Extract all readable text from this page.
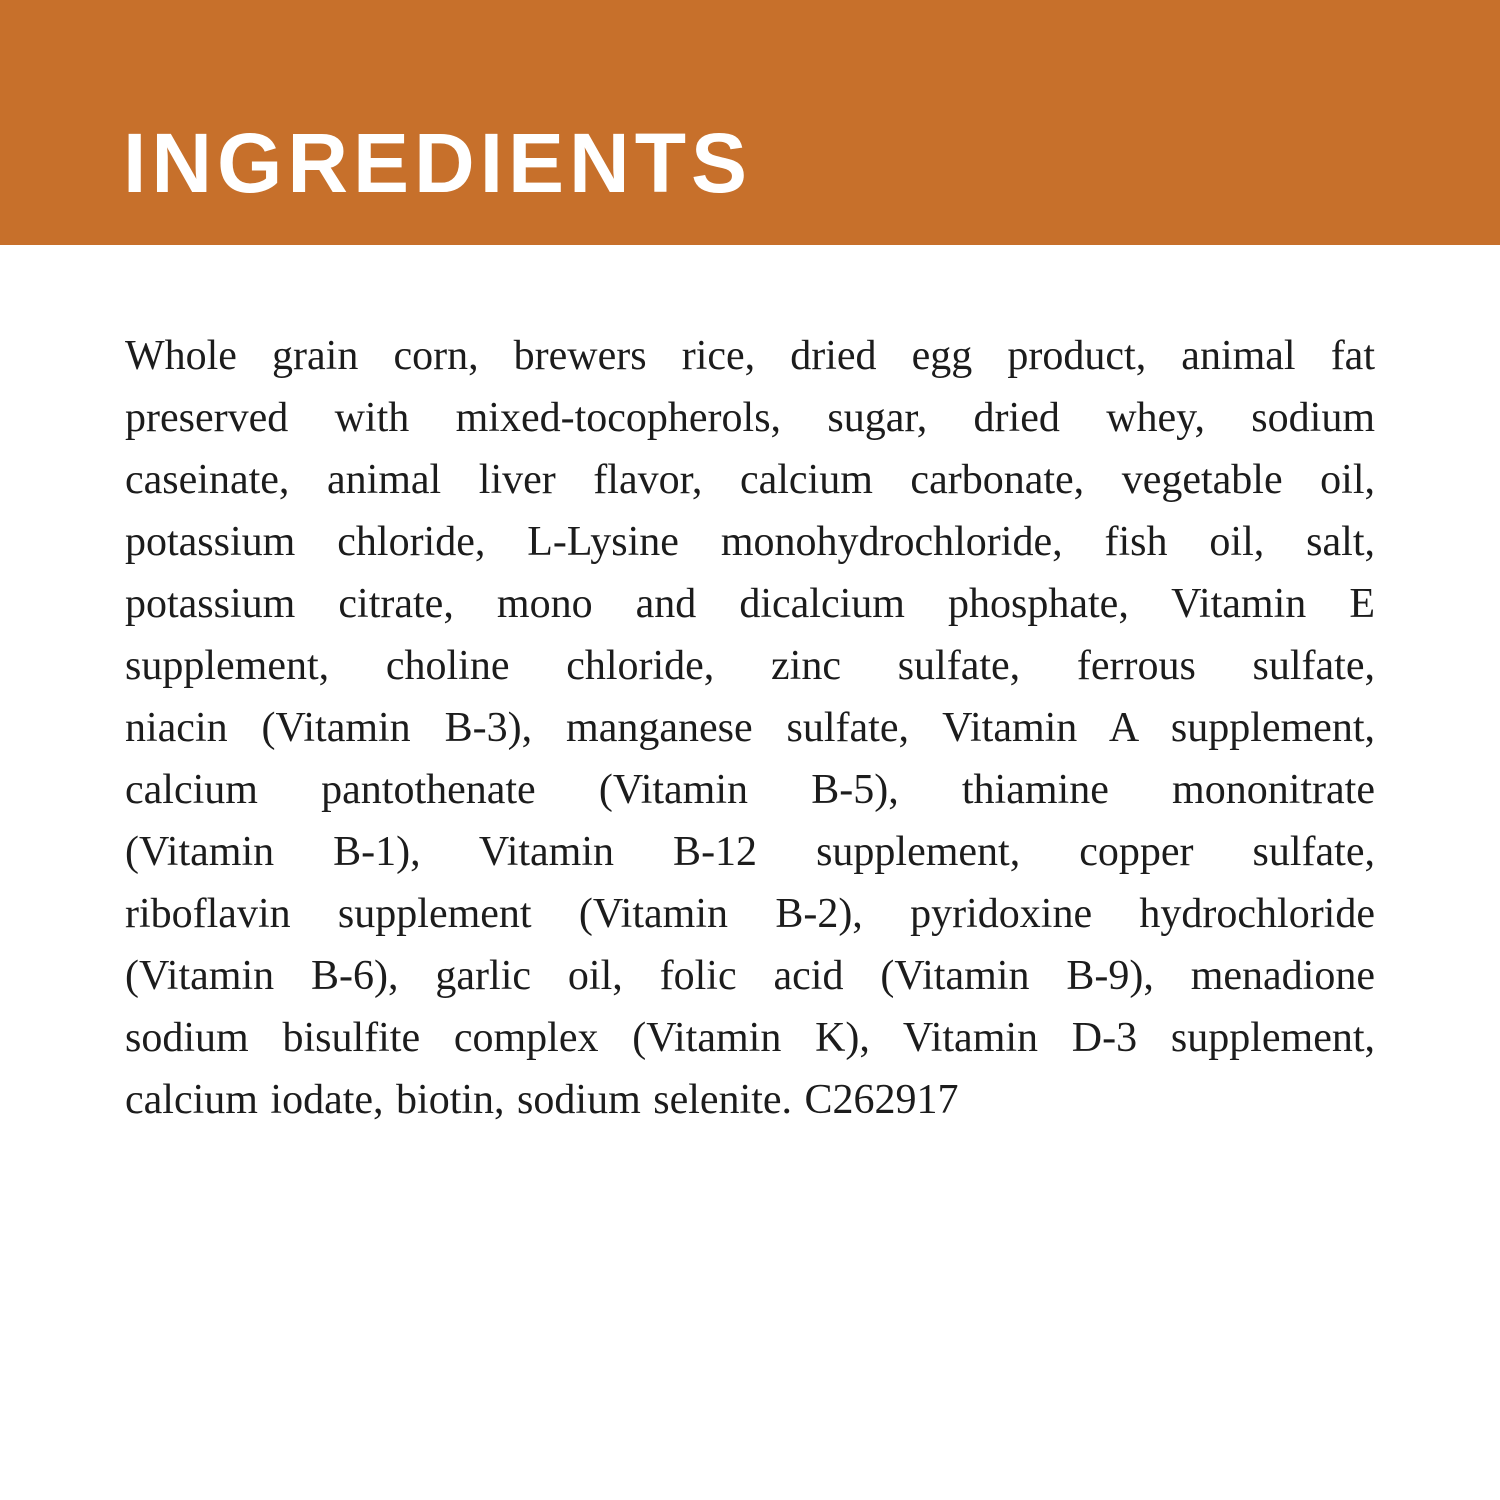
INGREDIENTS
Whole grain corn, brewers rice, dried egg product, animal fat
preserved with mixed-tocopherols, sugar, dried whey, sodium
caseinate, animal liver flavor, calcium carbonate, vegetable oil,
potassium chloride, L-Lysine monohydrochloride, fish oil, salt,
potassium citrate, mono and dicalcium phosphate, Vitamin E
supplement, choline chloride, zinc sulfate, ferrous sulfate,
niacin (Vitamin B-3), manganese sulfate, Vitamin A supplement,
calcium pantothenate (Vitamin B-5), thiamine mononitrate
(Vitamin B-1), Vitamin B-12 supplement, copper sulfate,
riboflavin supplement (Vitamin B-2), pyridoxine hydrochloride
(Vitamin B-6), garlic oil, folic acid (Vitamin B-9), menadione
sodium bisulfite complex (Vitamin K), Vitamin D-3 supplement,
calcium iodate, biotin, sodium selenite. C262917
